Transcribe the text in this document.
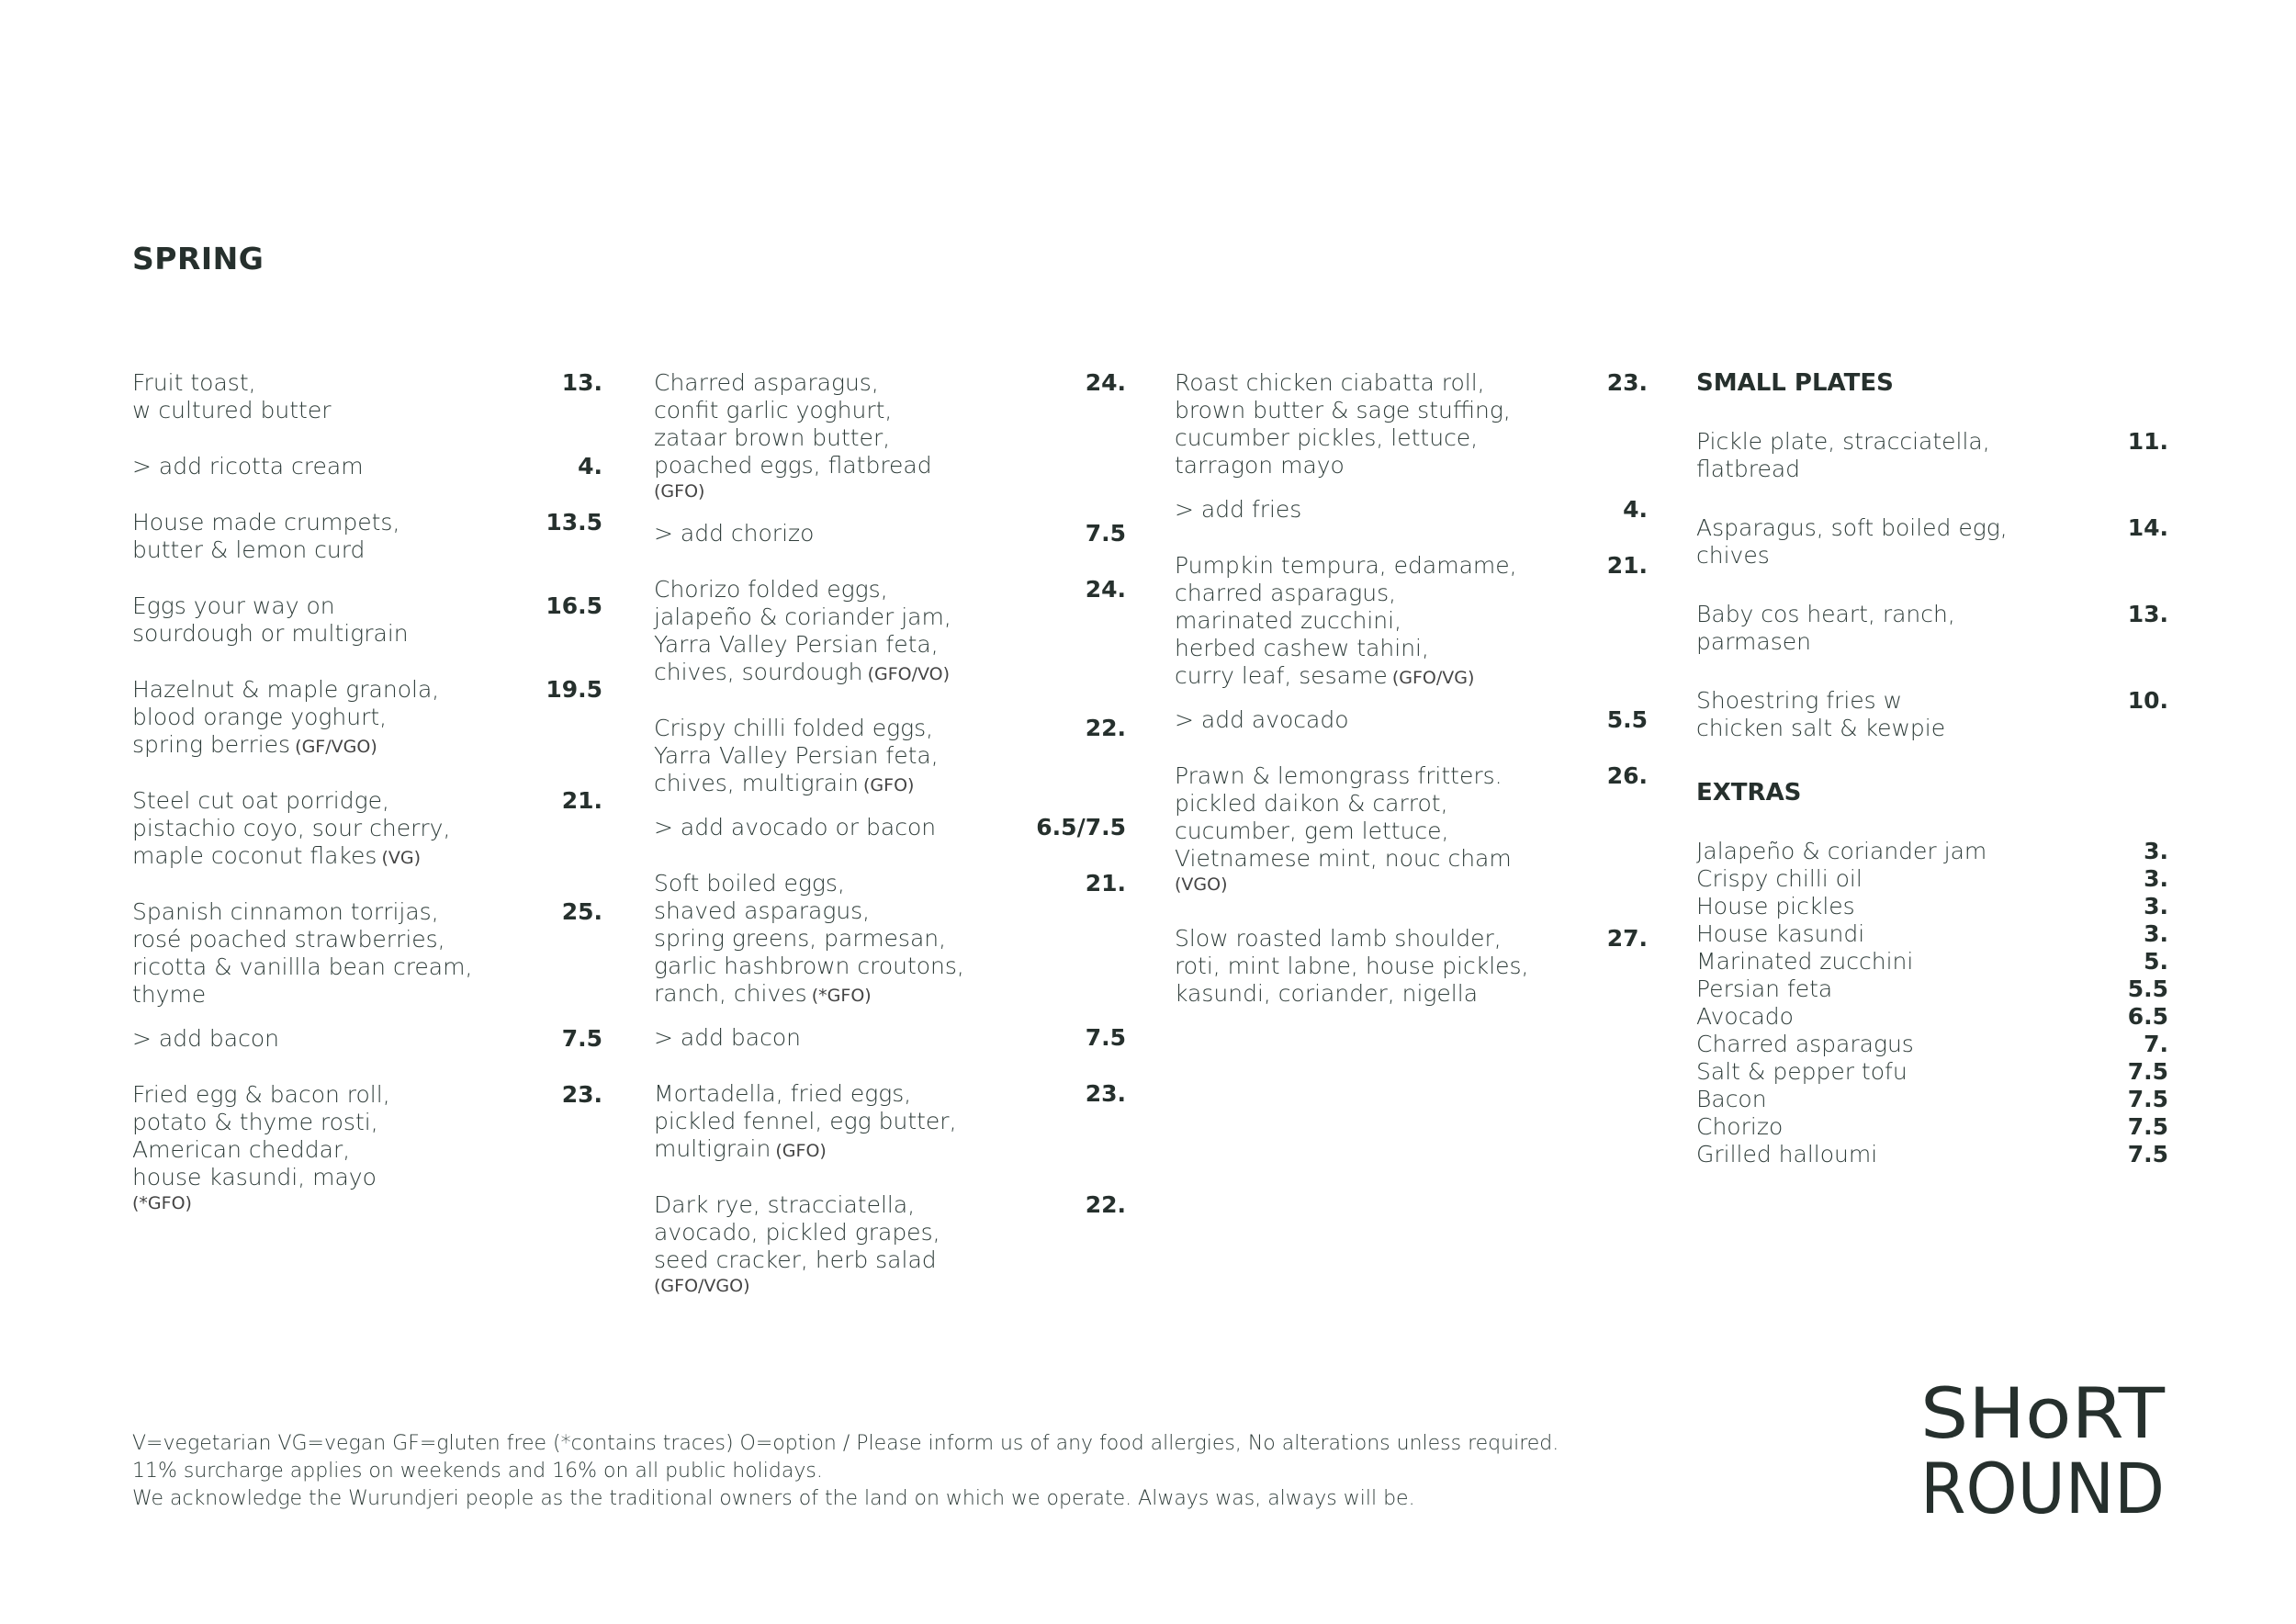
SPRING
Fruit toast,
w cultured butter
13.
> add ricotta cream	4.
House made crumpets,
butter & lemon curd
13.5
Eggs your way on
sourdough or multigrain
16.5
Hazelnut & maple granola,
blood orange yoghurt,
spring berries (GF/VGO)
19.5
Steel cut oat porridge,
pistachio coyo, sour cherry,
maple coconut flakes (VG)
21.
Spanish cinnamon torrijas,
rosé poached strawberries,
ricotta & vanillla bean cream,
thyme
25.
> add bacon	7.5
Fried egg & bacon roll,
potato & thyme rosti,
American cheddar,
house kasundi, mayo
(*GFO)
23.
Charred asparagus,
confit garlic yoghurt,
zataar brown butter,
poached eggs, flatbread
(GFO)
24.
> add chorizo	7.5
Chorizo folded eggs,
jalapeño & coriander jam,
Yarra Valley Persian feta,
chives, sourdough (GFO/VO)
24.
Crispy chilli folded eggs,
Yarra Valley Persian feta,
chives, multigrain (GFO)
22.
> add avocado or bacon	6.5/7.5
Soft boiled eggs,
shaved asparagus,
spring greens, parmesan,
garlic hashbrown croutons,
ranch, chives (*GFO)
21.
> add bacon	7.5
Mortadella, fried eggs,
pickled fennel, egg butter,
multigrain (GFO)
23.
Dark rye, stracciatella,
avocado, pickled grapes,
seed cracker, herb salad
(GFO/VGO)
22.
Roast chicken ciabatta roll,
brown butter & sage stuffing,
cucumber pickles, lettuce,
tarragon mayo
23.
> add fries	4.
Pumpkin tempura, edamame,
charred asparagus,
marinated zucchini,
herbed cashew tahini,
curry leaf, sesame (GFO/VG)
21.
> add avocado	5.5
Prawn & lemongrass fritters.
pickled daikon & carrot,
cucumber, gem lettuce,
Vietnamese mint, nouc cham
(VGO)
26.
Slow roasted lamb shoulder,
roti, mint labne, house pickles,
kasundi, coriander, nigella
27.
SMALL PLATES
Pickle plate, stracciatella,
flatbread
11.
Asparagus, soft boiled egg,
chives
14.
Baby cos heart, ranch,
parmasen
13.
Shoestring fries w
chicken salt & kewpie
10.
EXTRAS
Jalapeño & coriander jam	3.
Crispy chilli oil	3.
House pickles	3.
House kasundi	3.
Marinated zucchini	5.
Persian feta	5.5
Avocado	6.5
Charred asparagus	7.
Salt & pepper tofu	7.5
Bacon	7.5
Chorizo	7.5
Grilled halloumi	7.5
V=vegetarian VG=vegan GF=gluten free (*contains traces) O=option / Please inform us of any food allergies, No alterations unless required.
11% surcharge applies on weekends and 16% on all public holidays.
We acknowledge the Wurundjeri people as the traditional owners of the land on which we operate. Always was, always will be.
SHoRT
ROUND
